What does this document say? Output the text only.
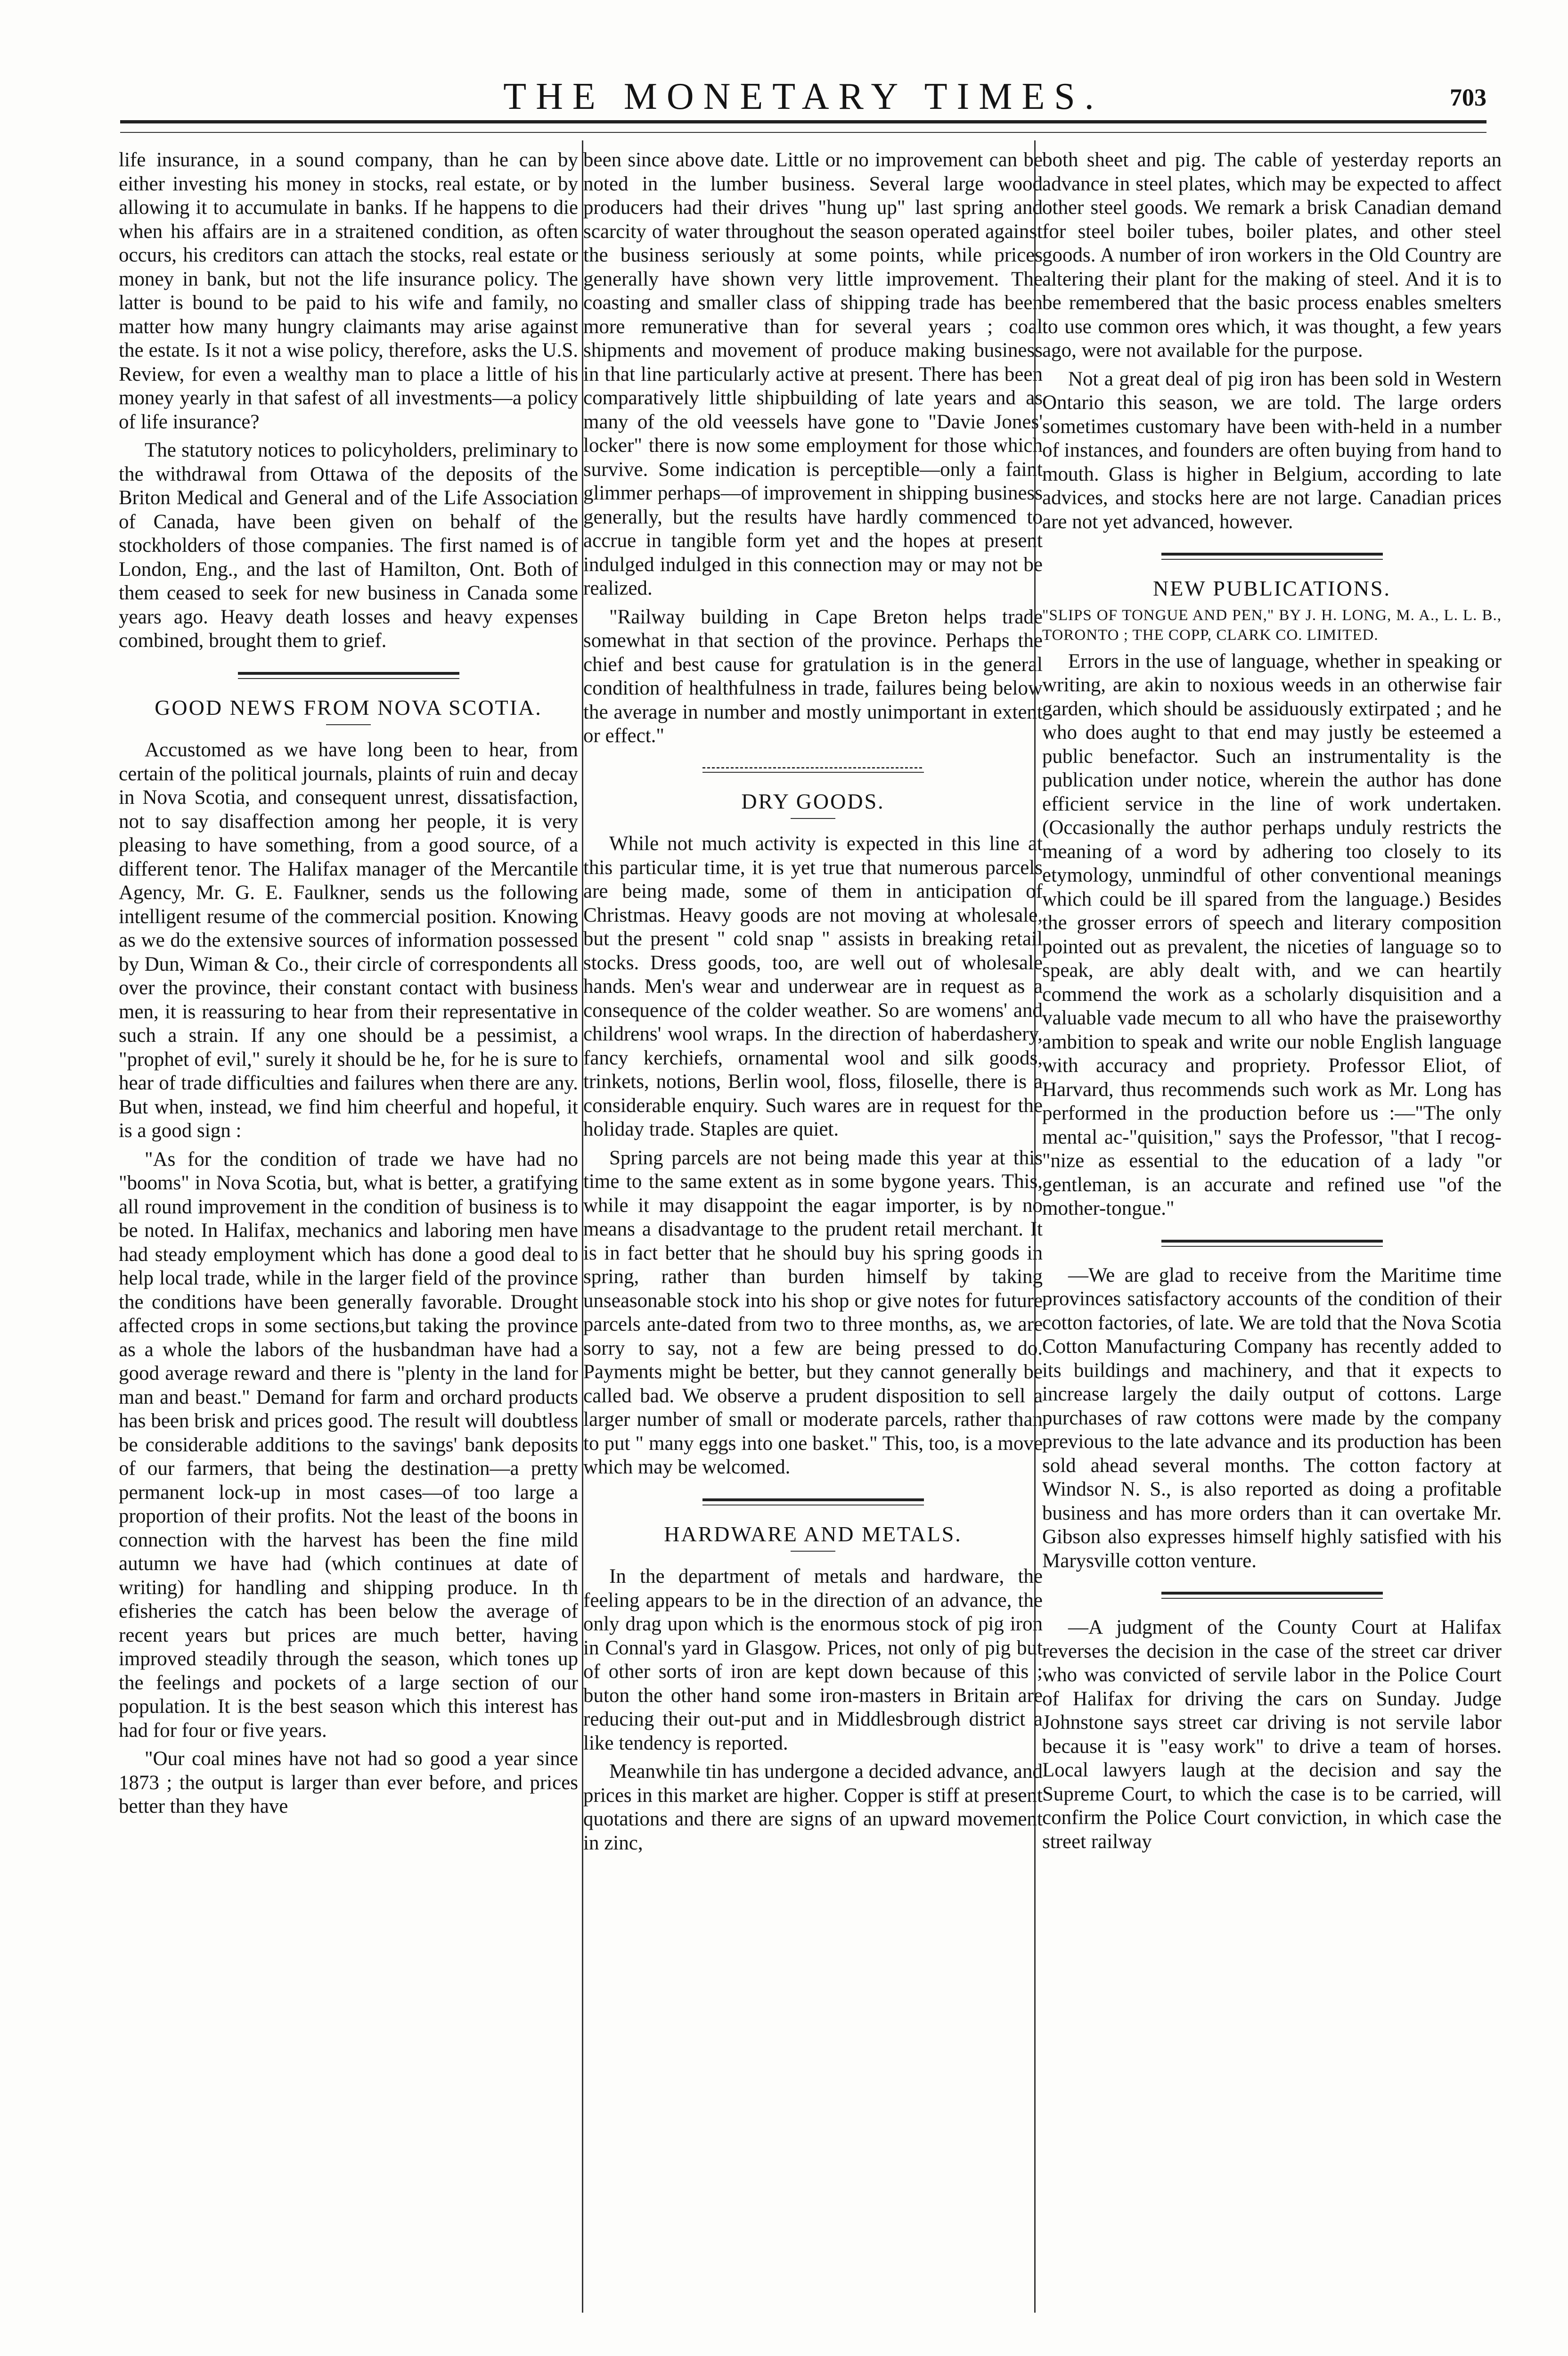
THE MONETARY TIMES.	703

life insurance, in a sound company, than he can by either investing his money in stocks, real estate, or by allowing it to accumulate in banks. If he happens to die when his affairs are in a straitened condition, as often occurs, his creditors can attach the stocks, real estate or money in bank, but not the life insurance policy. The latter is bound to be paid to his wife and family, no matter how many hungry claimants may arise against the estate. Is it not a wise policy, therefore, asks the U.S. Review, for even a wealthy man to place a little of his money yearly in that safest of all investments—a policy of life insurance?

The statutory notices to policyholders, preliminary to the withdrawal from Ottawa of the deposits of the Briton Medical and General and of the Life Association of Canada, have been given on behalf of the stockholders of those companies. The first named is of London, Eng., and the last of Hamilton, Ont. Both of them ceased to seek for new business in Canada some years ago. Heavy death losses and heavy expenses combined, brought them to grief.

GOOD NEWS FROM NOVA SCOTIA.

Accustomed as we have long been to hear, from certain of the political journals, plaints of ruin and decay in Nova Scotia, and consequent unrest, dissatisfaction, not to say disaffection among her people, it is very pleasing to have something, from a good source, of a different tenor. The Halifax manager of the Mercantile Agency, Mr. G. E. Faulkner, sends us the following intelligent resume of the commercial position. Knowing as we do the extensive sources of information possessed by Dun, Wiman & Co., their circle of correspondents all over the province, their constant contact with business men, it is reassuring to hear from their representative in such a strain. If any one should be a pessimist, a "prophet of evil," surely it should be he, for he is sure to hear of trade difficulties and failures when there are any. But when, instead, we find him cheerful and hopeful, it is a good sign :

"As for the condition of trade we have had no "booms" in Nova Scotia, but, what is better, a gratifying all round improvement in the condition of business is to be noted. In Halifax, mechanics and laboring men have had steady employment which has done a good deal to help local trade, while in the larger field of the province the conditions have been generally favorable. Drought affected crops in some sections,but taking the province as a whole the labors of the husbandman have had a good average reward and there is "plenty in the land for man and beast." Demand for farm and orchard products has been brisk and prices good. The result will doubtless be considerable additions to the savings' bank deposits of our farmers, that being the destination—a pretty permanent lock-up in most cases—of too large a proportion of their profits. Not the least of the boons in connection with the harvest has been the fine mild autumn we have had (which continues at date of writing) for handling and shipping produce. In th efisheries the catch has been below the average of recent years but prices are much better, having improved steadily through the season, which tones up the feelings and pockets of a large section of our population. It is the best season which this interest has had for four or five years.

"Our coal mines have not had so good a year since 1873 ; the output is larger than ever before, and prices better than they have

been since above date. Little or no improvement can be noted in the lumber business. Several large wood producers had their drives "hung up" last spring and scarcity of water throughout the season operated against the business seriously at some points, while prices generally have shown very little improvement. The coasting and smaller class of shipping trade has been more remunerative than for several years ; coal shipments and movement of produce making business in that line particularly active at present. There has been comparatively little shipbuilding of late years and as many of the old veessels have gone to "Davie Jones' locker" there is now some employment for those which survive. Some indication is perceptible—only a faint glimmer perhaps—of improvement in shipping business generally, but the results have hardly commenced to accrue in tangible form yet and the hopes at present indulged indulged in this connection may or may not be realized.

"Railway building in Cape Breton helps trade somewhat in that section of the province. Perhaps the chief and best cause for gratulation is in the general condition of healthfulness in trade, failures being below the average in number and mostly unimportant in extent or effect."

DRY GOODS.

While not much activity is expected in this line at this particular time, it is yet true that numerous parcels are being made, some of them in anticipation of Christmas. Heavy goods are not moving at wholesale, but the present " cold snap " assists in breaking retail stocks. Dress goods, too, are well out of wholesale hands. Men's wear and underwear are in request as a consequence of the colder weather. So are womens' and childrens' wool wraps. In the direction of haberdashery, fancy kerchiefs, ornamental wool and silk goods, trinkets, notions, Berlin wool, floss, filoselle, there is a considerable enquiry. Such wares are in request for the holiday trade. Staples are quiet.

Spring parcels are not being made this year at this time to the same extent as in some bygone years. This, while it may disappoint the eagar importer, is by no means a disadvantage to the prudent retail merchant. It is in fact better that he should buy his spring goods in spring, rather than burden himself by taking unseasonable stock into his shop or give notes for future parcels ante-dated from two to three months, as, we are sorry to say, not a few are being pressed to do. Payments might be better, but they cannot generally be called bad. We observe a prudent disposition to sell a larger number of small or moderate parcels, rather than to put " many eggs into one basket." This, too, is a move which may be welcomed.

HARDWARE AND METALS.

In the department of metals and hardware, the feeling appears to be in the direction of an advance, the only drag upon which is the enormous stock of pig iron in Connal's yard in Glasgow. Prices, not only of pig but of other sorts of iron are kept down because of this ; buton the other hand some iron-masters in Britain are reducing their out-put and in Middlesbrough district a like tendency is reported.

Meanwhile tin has undergone a decided advance, and prices in this market are higher. Copper is stiff at present quotations and there are signs of an upward movement in zinc,

both sheet and pig. The cable of yesterday reports an advance in steel plates, which may be expected to affect other steel goods. We remark a brisk Canadian demand for steel boiler tubes, boiler plates, and other steel goods. A number of iron workers in the Old Country are altering their plant for the making of steel. And it is to be remembered that the basic process enables smelters to use common ores which, it was thought, a few years ago, were not available for the purpose.

Not a great deal of pig iron has been sold in Western Ontario this season, we are told. The large orders sometimes customary have been with-held in a number of instances, and founders are often buying from hand to mouth. Glass is higher in Belgium, according to late advices, and stocks here are not large. Canadian prices are not yet advanced, however.

NEW PUBLICATIONS.

"SLIPS OF TONGUE AND PEN," BY J. H. LONG, M. A., L. L. B., TORONTO ; THE COPP, CLARK CO. LIMITED.

Errors in the use of language, whether in speaking or writing, are akin to noxious weeds in an otherwise fair garden, which should be assiduously extirpated ; and he who does aught to that end may justly be esteemed a public benefactor. Such an instrumentality is the publication under notice, wherein the author has done efficient service in the line of work undertaken. (Occasionally the author perhaps unduly restricts the meaning of a word by adhering too closely to its etymology, unmindful of other conventional meanings which could be ill spared from the language.) Besides the grosser errors of speech and literary composition pointed out as prevalent, the niceties of language so to speak, are ably dealt with, and we can heartily commend the work as a scholarly disquisition and a valuable vade mecum to all who have the praiseworthy ambition to speak and write our noble English language with accuracy and propriety. Professor Eliot, of Harvard, thus recommends such work as Mr. Long has performed in the production before us :—"The only mental ac-"quisition," says the Professor, "that I recog-"nize as essential to the education of a lady "or gentleman, is an accurate and refined use "of the mother-tongue."

—We are glad to receive from the Maritime time provinces satisfactory accounts of the condition of their cotton factories, of late. We are told that the Nova Scotia Cotton Manufacturing Company has recently added to its buildings and machinery, and that it expects to increase largely the daily output of cottons. Large purchases of raw cottons were made by the company previous to the late advance and its production has been sold ahead several months. The cotton factory at Windsor N. S., is also reported as doing a profitable business and has more orders than it can overtake Mr. Gibson also expresses himself highly satisfied with his Marysville cotton venture.

—A judgment of the County Court at Halifax reverses the decision in the case of the street car driver who was convicted of servile labor in the Police Court of Halifax for driving the cars on Sunday. Judge Johnstone says street car driving is not servile labor because it is "easy work" to drive a team of horses. Local lawyers laugh at the decision and say the Supreme Court, to which the case is to be carried, will confirm the Police Court conviction, in which case the street railway
